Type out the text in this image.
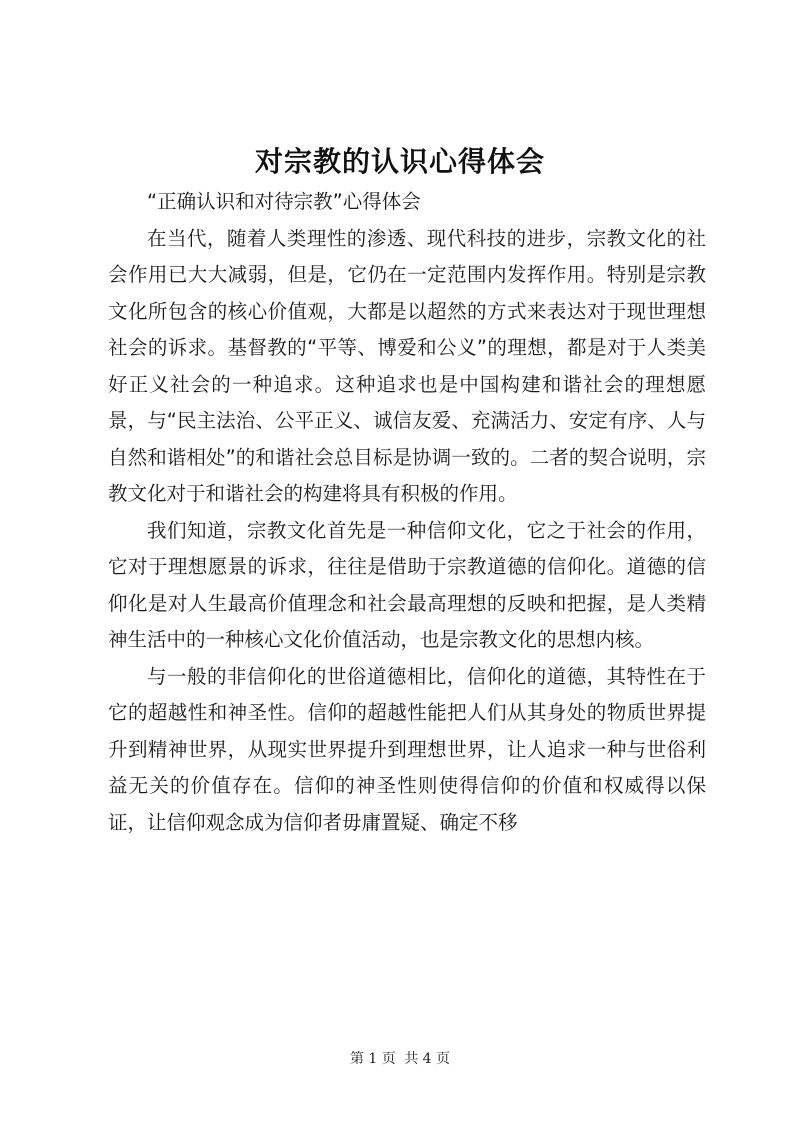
对宗教的认识心得体会

“正确认识和对待宗教”心得体会

在当代，随着人类理性的渗透、现代科技的进步，宗教文化的社会作用已大大减弱，但是，它仍在一定范围内发挥作用。特别是宗教文化所包含的核心价值观，大都是以超然的方式来表达对于现世理想社会的诉求。基督教的“平等、博爱和公义”的理想，都是对于人类美好正义社会的一种追求。这种追求也是中国构建和谐社会的理想愿景，与“民主法治、公平正义、诚信友爱、充满活力、安定有序、人与自然和谐相处”的和谐社会总目标是协调一致的。二者的契合说明，宗教文化对于和谐社会的构建将具有积极的作用。

我们知道，宗教文化首先是一种信仰文化，它之于社会的作用，它对于理想愿景的诉求，往往是借助于宗教道德的信仰化。道德的信仰化是对人生最高价值理念和社会最高理想的反映和把握，是人类精神生活中的一种核心文化价值活动，也是宗教文化的思想内核。

与一般的非信仰化的世俗道德相比，信仰化的道德，其特性在于它的超越性和神圣性。信仰的超越性能把人们从其身处的物质世界提升到精神世界，从现实世界提升到理想世界，让人追求一种与世俗利益无关的价值存在。信仰的神圣性则使得信仰的价值和权威得以保证，让信仰观念成为信仰者毋庸置疑、确定不移

第 1 页 共 4 页
